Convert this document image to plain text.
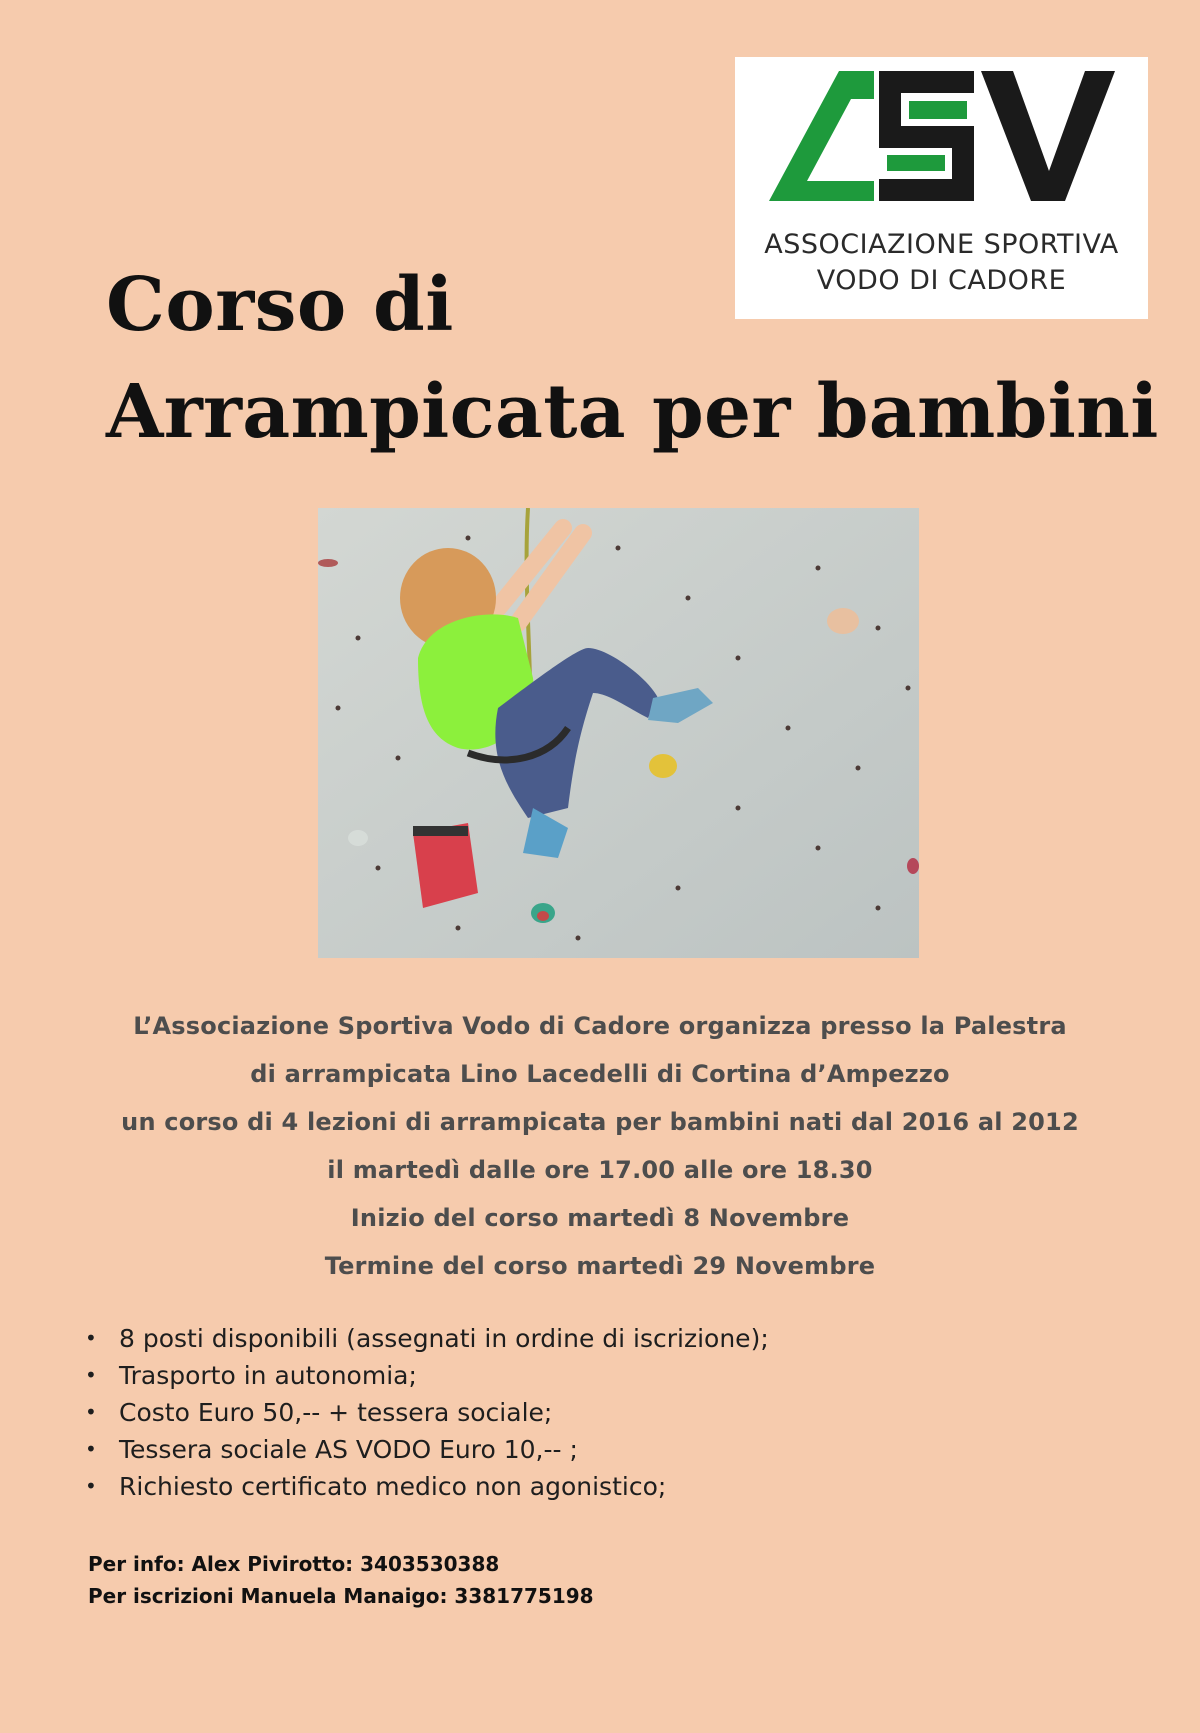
ASSOCIAZIONE SPORTIVA
VODO DI CADORE
Corso di
Arrampicata per bambini
L’Associazione Sportiva Vodo di Cadore organizza presso la Palestra
di arrampicata Lino Lacedelli di Cortina d’Ampezzo
un corso di 4 lezioni di arrampicata per bambini nati dal 2016 al 2012
il martedì dalle ore 17.00 alle ore 18.30
Inizio del corso martedì 8 Novembre
Termine del corso martedì 29 Novembre
• 8 posti disponibili (assegnati in ordine di iscrizione);
• Trasporto in autonomia;
• Costo Euro 50,-- + tessera sociale;
• Tessera sociale AS VODO Euro 10,-- ;
• Richiesto certificato medico non agonistico;
Per info: Alex Pivirotto: 3403530388
Per iscrizioni Manuela Manaigo: 3381775198
